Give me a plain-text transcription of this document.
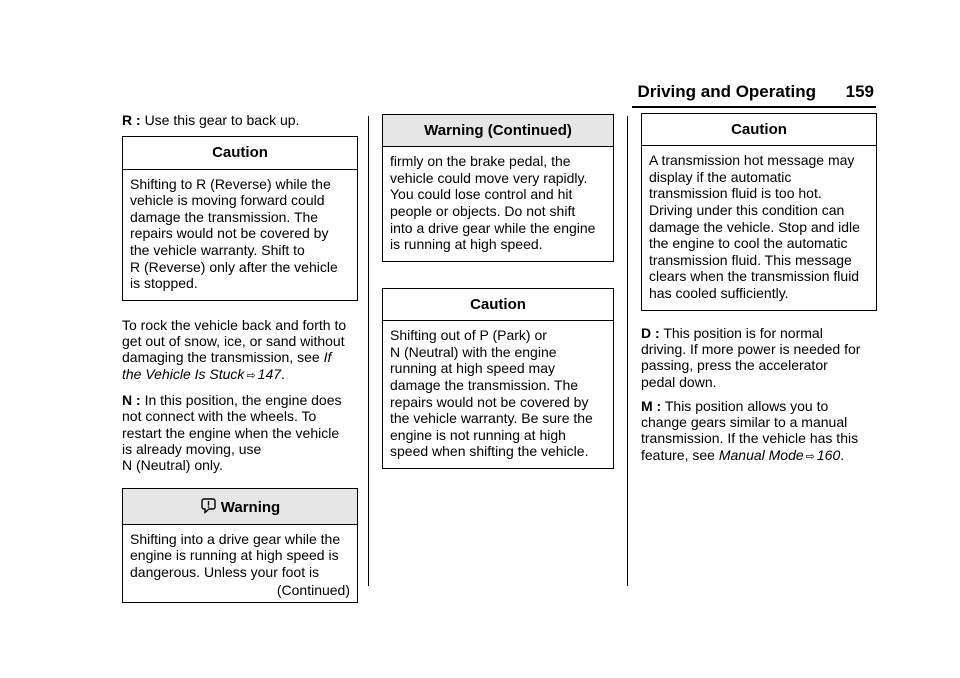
Driving and Operating 159

R : Use this gear to back up.

Caution
Shifting to R (Reverse) while the
vehicle is moving forward could
damage the transmission. The
repairs would not be covered by
the vehicle warranty. Shift to
R (Reverse) only after the vehicle
is stopped.
To rock the vehicle back and forth to
get out of snow, ice, or sand without
damaging the transmission, see If
the Vehicle Is Stuck ⇨ 147.
N : In this position, the engine does
not connect with the wheels. To
restart the engine when the vehicle
is already moving, use
N (Neutral) only.
Warning
Shifting into a drive gear while the
engine is running at high speed is
dangerous. Unless your foot is
(Continued)
Warning (Continued)
firmly on the brake pedal, the
vehicle could move very rapidly.
You could lose control and hit
people or objects. Do not shift
into a drive gear while the engine
is running at high speed.
Caution
Shifting out of P (Park) or
N (Neutral) with the engine
running at high speed may
damage the transmission. The
repairs would not be covered by
the vehicle warranty. Be sure the
engine is not running at high
speed when shifting the vehicle.
Caution
A transmission hot message may
display if the automatic
transmission fluid is too hot.
Driving under this condition can
damage the vehicle. Stop and idle
the engine to cool the automatic
transmission fluid. This message
clears when the transmission fluid
has cooled sufficiently.
D : This position is for normal
driving. If more power is needed for
passing, press the accelerator
pedal down.
M : This position allows you to
change gears similar to a manual
transmission. If the vehicle has this
feature, see Manual Mode ⇨ 160.
